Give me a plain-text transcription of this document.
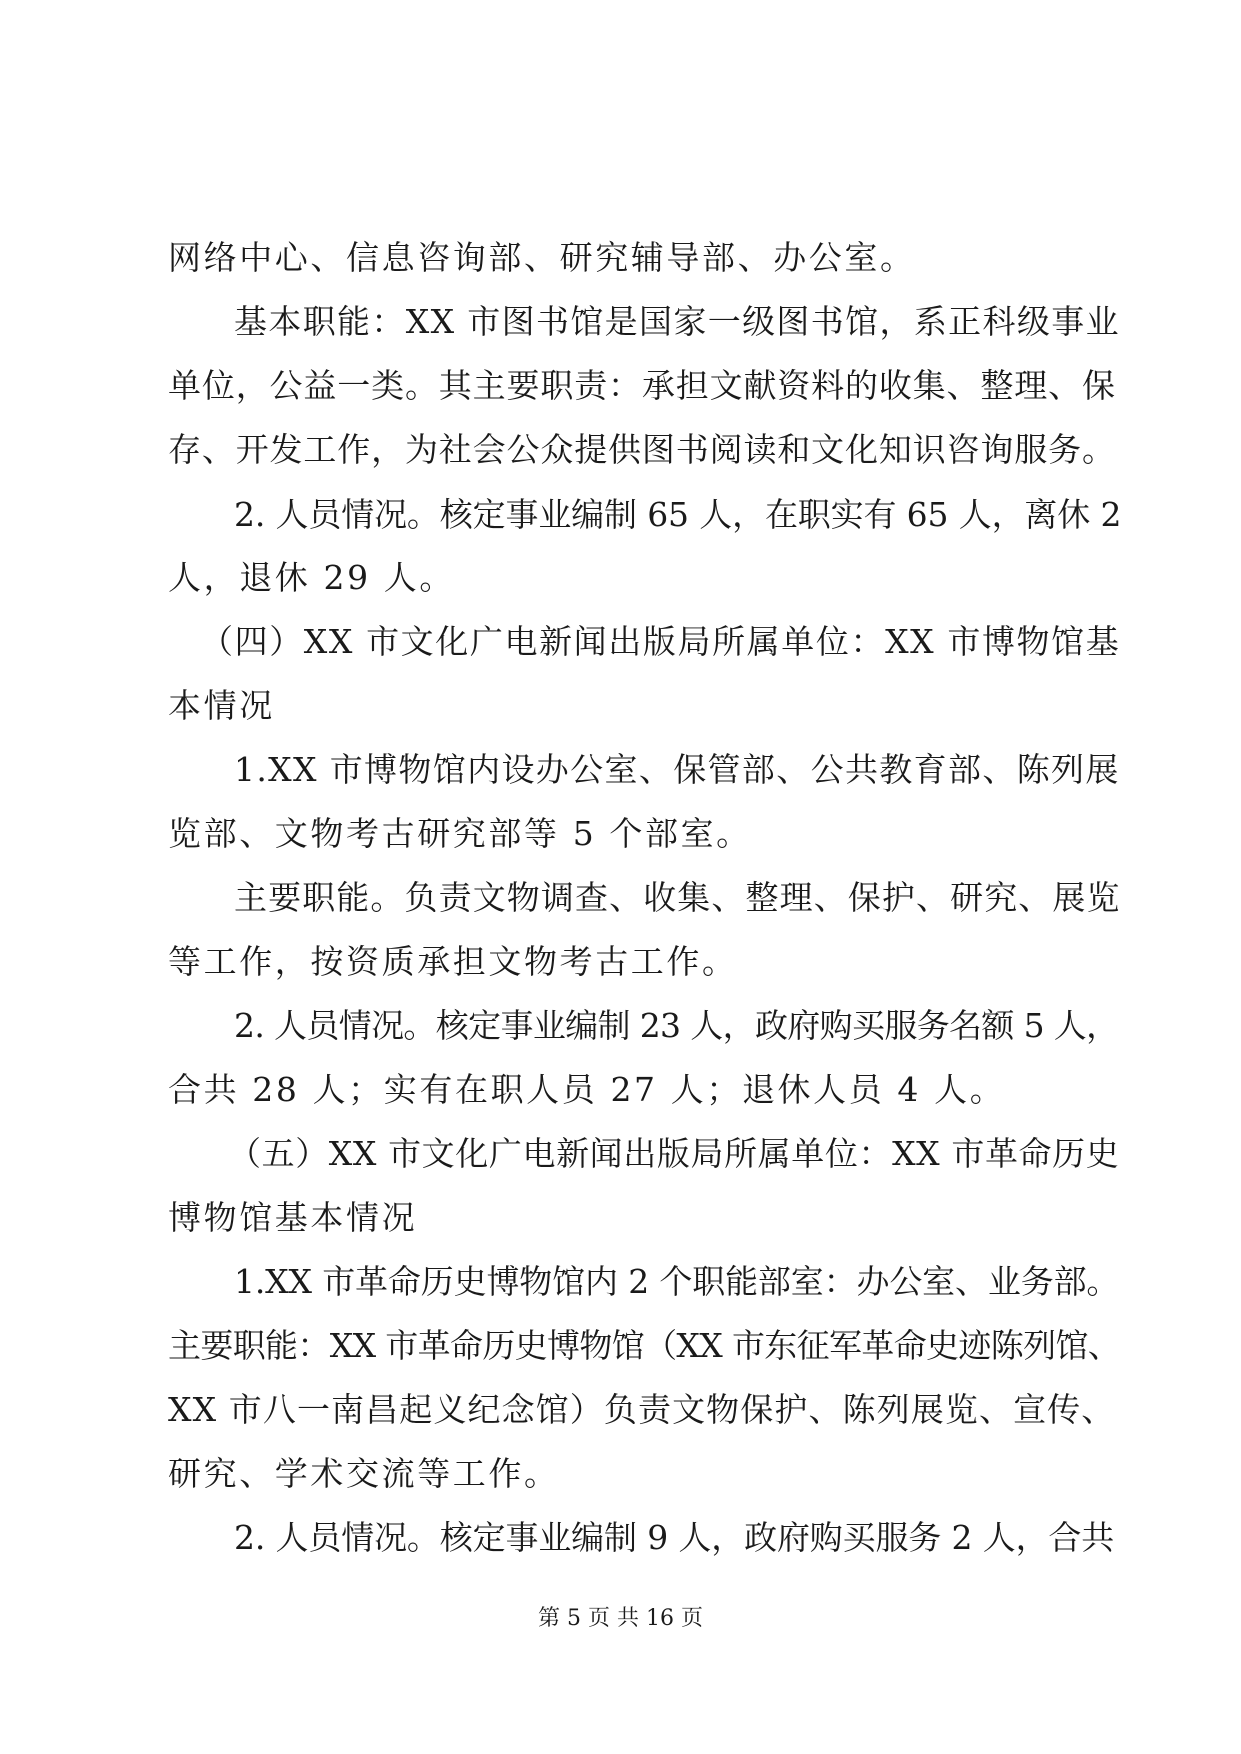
网络中心、信息咨询部、研究辅导部、办公室。
基本职能：XX 市图书馆是国家一级图书馆，系正科级事业
单位，公益一类。其主要职责：承担文献资料的收集、整理、保
存、开发工作，为社会公众提供图书阅读和文化知识咨询服务。
2. 人员情况。核定事业编制 65 人，在职实有 65 人，离休 2
人，退休 29 人。
（四）XX 市文化广电新闻出版局所属单位：XX 市博物馆基
本情况
1.XX 市博物馆内设办公室、保管部、公共教育部、陈列展
览部、文物考古研究部等 5 个部室。
主要职能。负责文物调查、收集、整理、保护、研究、展览
等工作，按资质承担文物考古工作。
2. 人员情况。核定事业编制 23 人，政府购买服务名额 5 人，
合共 28 人；实有在职人员 27 人；退休人员 4 人。
（五）XX 市文化广电新闻出版局所属单位：XX 市革命历史
博物馆基本情况
1.XX 市革命历史博物馆内 2 个职能部室：办公室、业务部。
主要职能：XX 市革命历史博物馆（XX 市东征军革命史迹陈列馆、
XX 市八一南昌起义纪念馆）负责文物保护、陈列展览、宣传、
研究、学术交流等工作。
2. 人员情况。核定事业编制 9 人，政府购买服务 2 人，合共
第 5 页 共 16 页
